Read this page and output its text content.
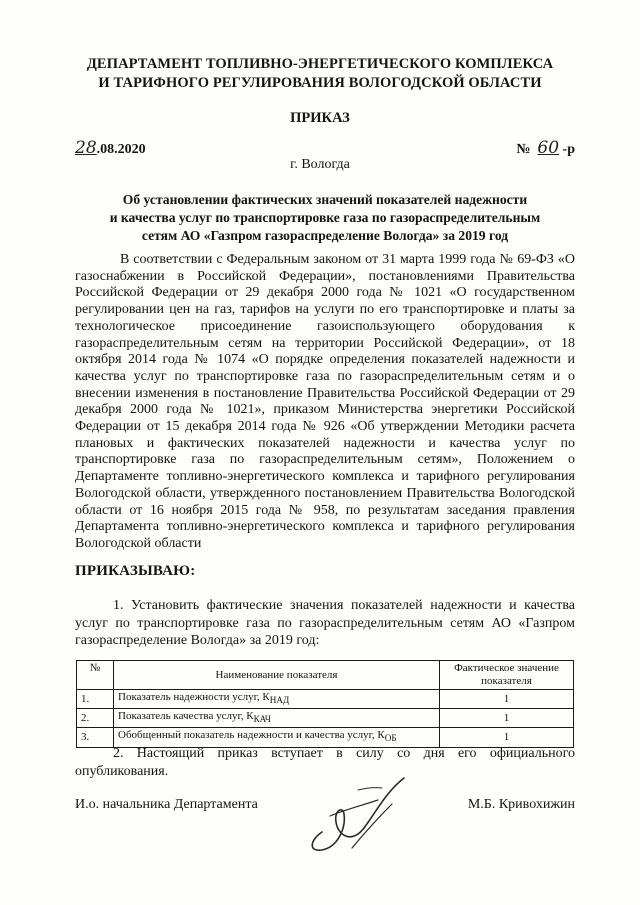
ДЕПАРТАМЕНТ ТОПЛИВНО-ЭНЕРГЕТИЧЕСКОГО КОМПЛЕКСА
И ТАРИФНОГО РЕГУЛИРОВАНИЯ ВОЛОГОДСКОЙ ОБЛАСТИ
ПРИКАЗ
28.08.2020	№ 60 -р
г. Вологда
Об установлении фактических значений показателей надежности
и качества услуг по транспортировке газа по газораспределительным
сетям АО «Газпром газораспределение Вологда» за 2019 год

В соответствии с Федеральным законом от 31 марта 1999 года № 69-ФЗ «О газоснабжении в Российской Федерации», постановлениями Правительства Российской Федерации от 29 декабря 2000 года № 1021 «О государственном регулировании цен на газ, тарифов на услуги по его транспортировке и платы за технологическое присоединение газоиспользующего оборудования к газораспределительным сетям на территории Российской Федерации», от 18 октября 2014 года № 1074 «О порядке определения показателей надежности и качества услуг по транспортировке газа по газораспределительным сетям и о внесении изменения в постановление Правительства Российской Федерации от 29 декабря 2000 года № 1021», приказом Министерства энергетики Российской Федерации от 15 декабря 2014 года № 926 «Об утверждении Методики расчета плановых и фактических показателей надежности и качества услуг по транспортировке газа по газораспределительным сетям», Положением о Департаменте топливно-энергетического комплекса и тарифного регулирования Вологодской области, утвержденного постановлением Правительства Вологодской области от 16 ноября 2015 года № 958, по результатам заседания правления Департамента топливно-энергетического комплекса и тарифного регулирования Вологодской области

ПРИКАЗЫВАЮ:

1. Установить фактические значения показателей надежности и качества услуг по транспортировке газа по газораспределительным сетям АО «Газпром газораспределение Вологда» за 2019 год:

№	Наименование показателя	Фактическое значение показателя
1.	Показатель надежности услуг, $К_{НАД}$	1
2.	Показатель качества услуг, $К_{КАЧ}$	1
3.	Обобщенный показатель надежности и качества услуг, $К_{ОБ}$	1

2. Настоящий приказ вступает в силу со дня его официального опубликования.

И.о. начальника Департамента	М.Б. Кривохижин
